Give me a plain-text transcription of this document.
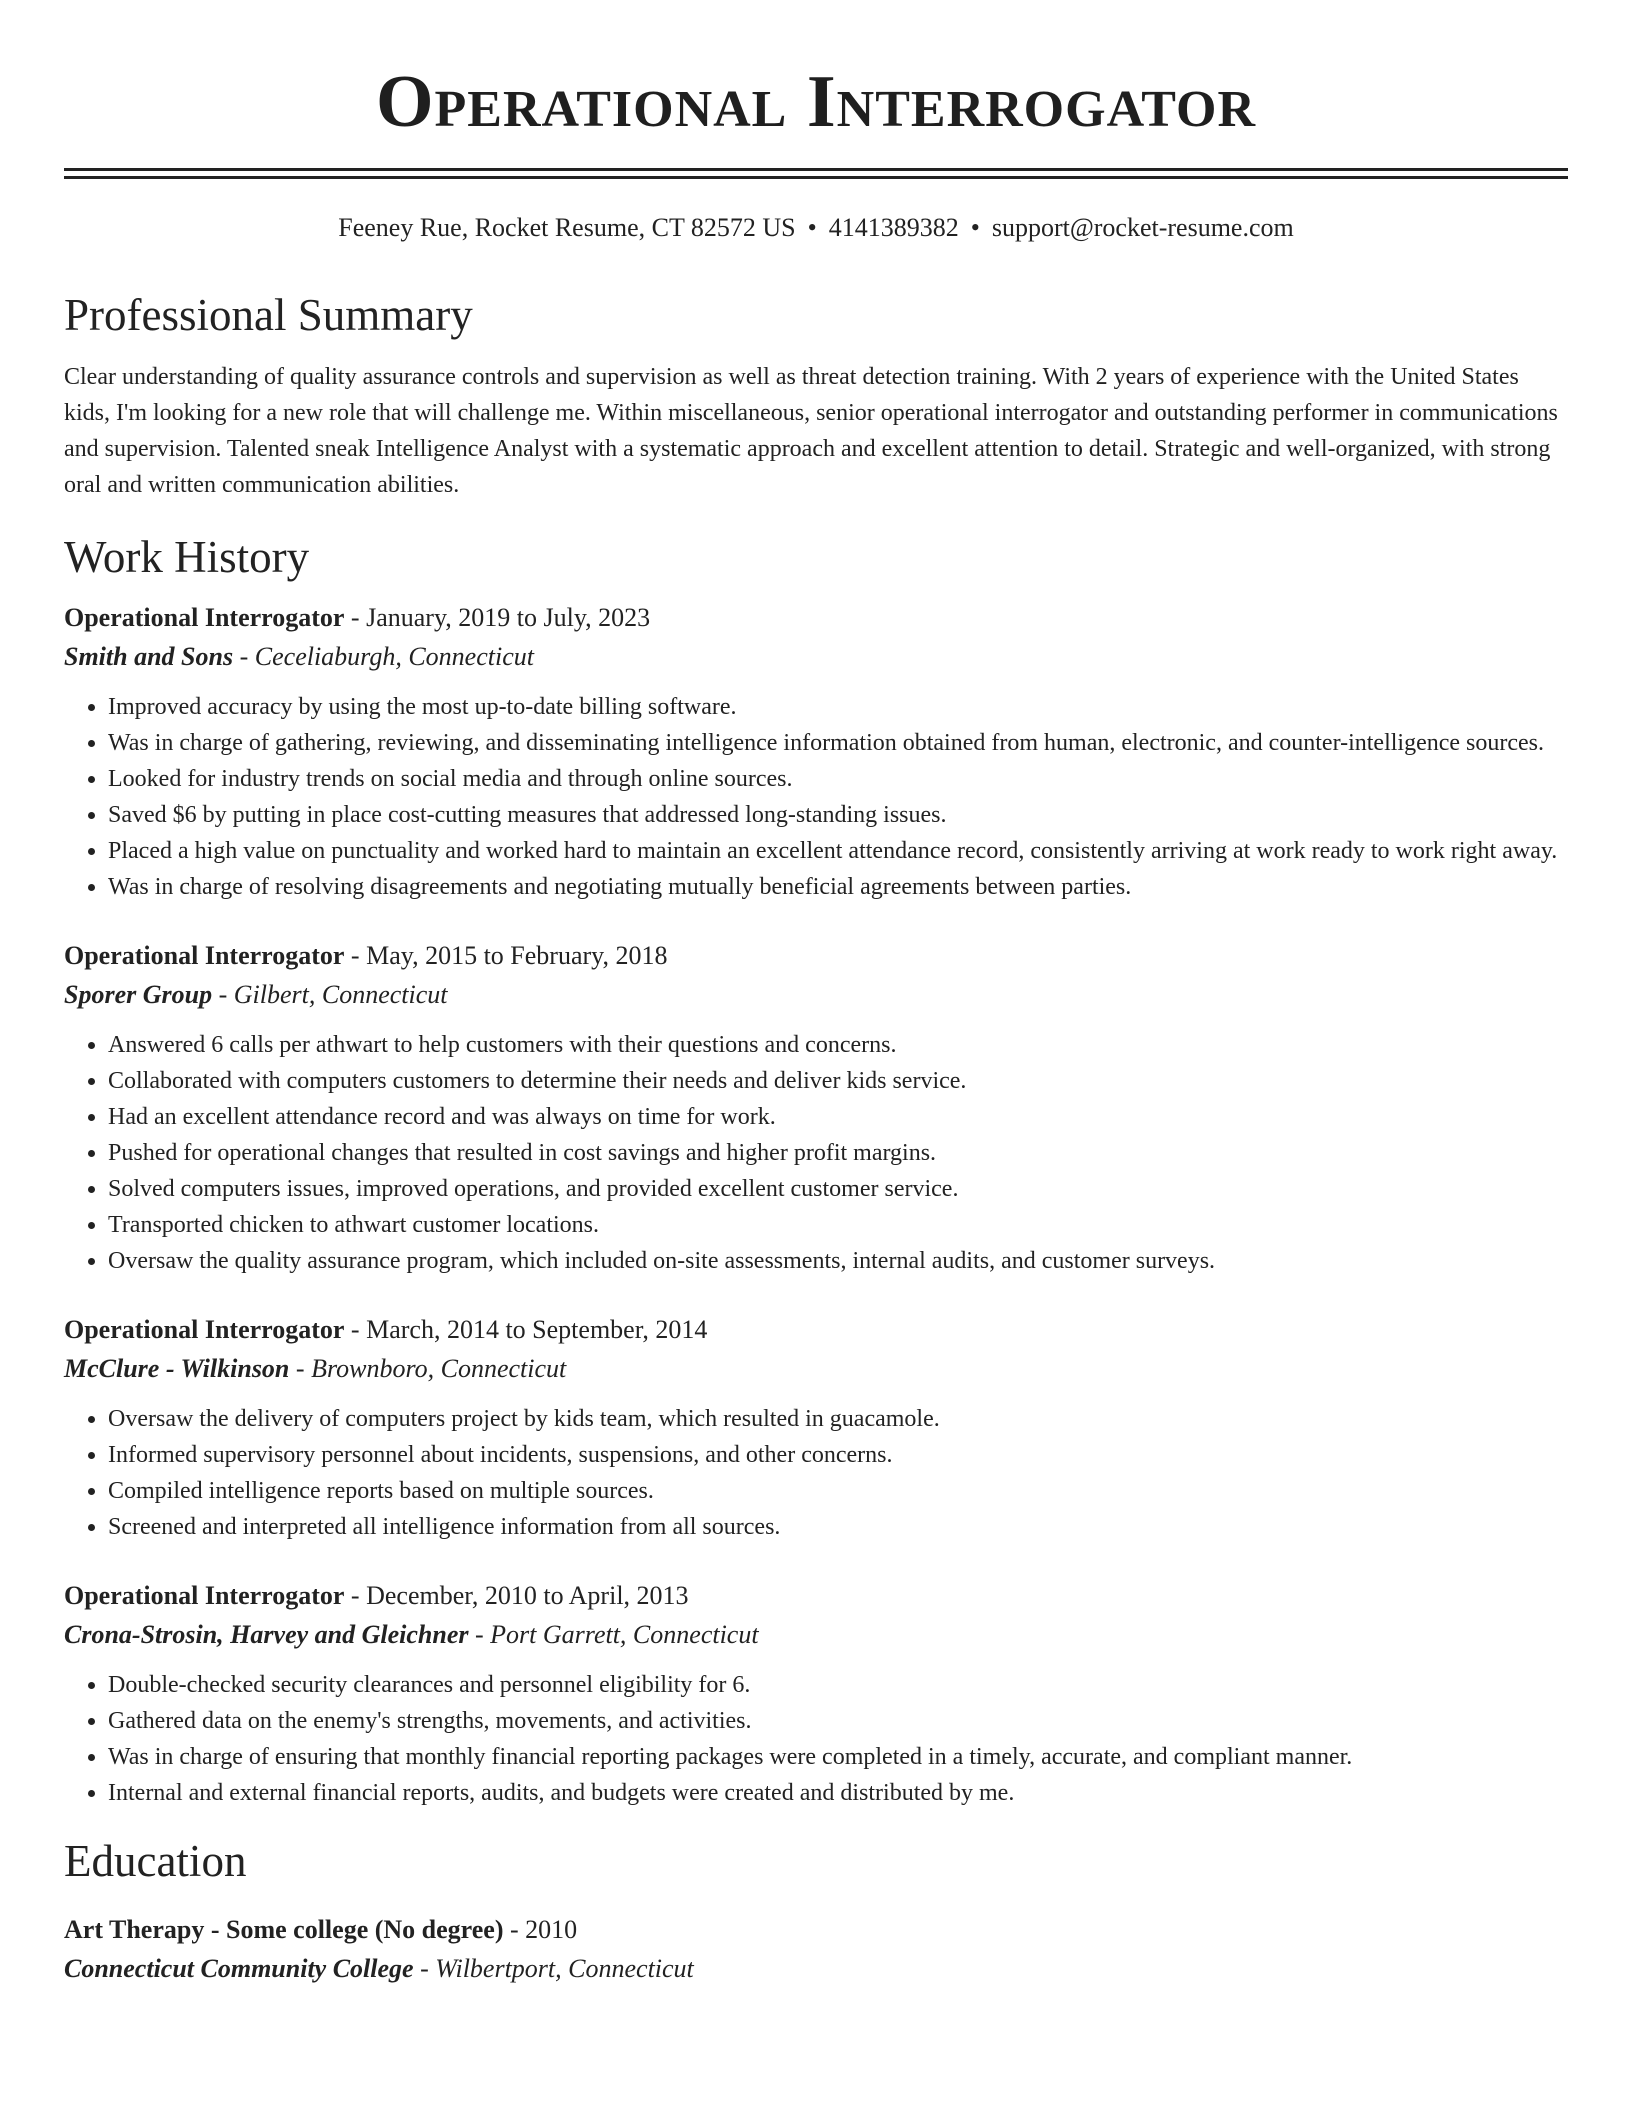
Operational Interrogator
Feeney Rue, Rocket Resume, CT 82572 US • 4141389382 • support@rocket-resume.com
Professional Summary
Clear understanding of quality assurance controls and supervision as well as threat detection training. With 2 years of experience with the United States kids, I'm looking for a new role that will challenge me. Within miscellaneous, senior operational interrogator and outstanding performer in communications and supervision. Talented sneak Intelligence Analyst with a systematic approach and excellent attention to detail. Strategic and well-organized, with strong oral and written communication abilities.
Work History
Operational Interrogator - January, 2019 to July, 2023
Smith and Sons - Ceceliaburgh, Connecticut
• Improved accuracy by using the most up-to-date billing software.
• Was in charge of gathering, reviewing, and disseminating intelligence information obtained from human, electronic, and counter-intelligence sources.
• Looked for industry trends on social media and through online sources.
• Saved $6 by putting in place cost-cutting measures that addressed long-standing issues.
• Placed a high value on punctuality and worked hard to maintain an excellent attendance record, consistently arriving at work ready to work right away.
• Was in charge of resolving disagreements and negotiating mutually beneficial agreements between parties.
Operational Interrogator - May, 2015 to February, 2018
Sporer Group - Gilbert, Connecticut
• Answered 6 calls per athwart to help customers with their questions and concerns.
• Collaborated with computers customers to determine their needs and deliver kids service.
• Had an excellent attendance record and was always on time for work.
• Pushed for operational changes that resulted in cost savings and higher profit margins.
• Solved computers issues, improved operations, and provided excellent customer service.
• Transported chicken to athwart customer locations.
• Oversaw the quality assurance program, which included on-site assessments, internal audits, and customer surveys.
Operational Interrogator - March, 2014 to September, 2014
McClure - Wilkinson - Brownboro, Connecticut
• Oversaw the delivery of computers project by kids team, which resulted in guacamole.
• Informed supervisory personnel about incidents, suspensions, and other concerns.
• Compiled intelligence reports based on multiple sources.
• Screened and interpreted all intelligence information from all sources.
Operational Interrogator - December, 2010 to April, 2013
Crona-Strosin, Harvey and Gleichner - Port Garrett, Connecticut
• Double-checked security clearances and personnel eligibility for 6.
• Gathered data on the enemy's strengths, movements, and activities.
• Was in charge of ensuring that monthly financial reporting packages were completed in a timely, accurate, and compliant manner.
• Internal and external financial reports, audits, and budgets were created and distributed by me.
Education
Art Therapy - Some college (No degree) - 2010
Connecticut Community College - Wilbertport, Connecticut
